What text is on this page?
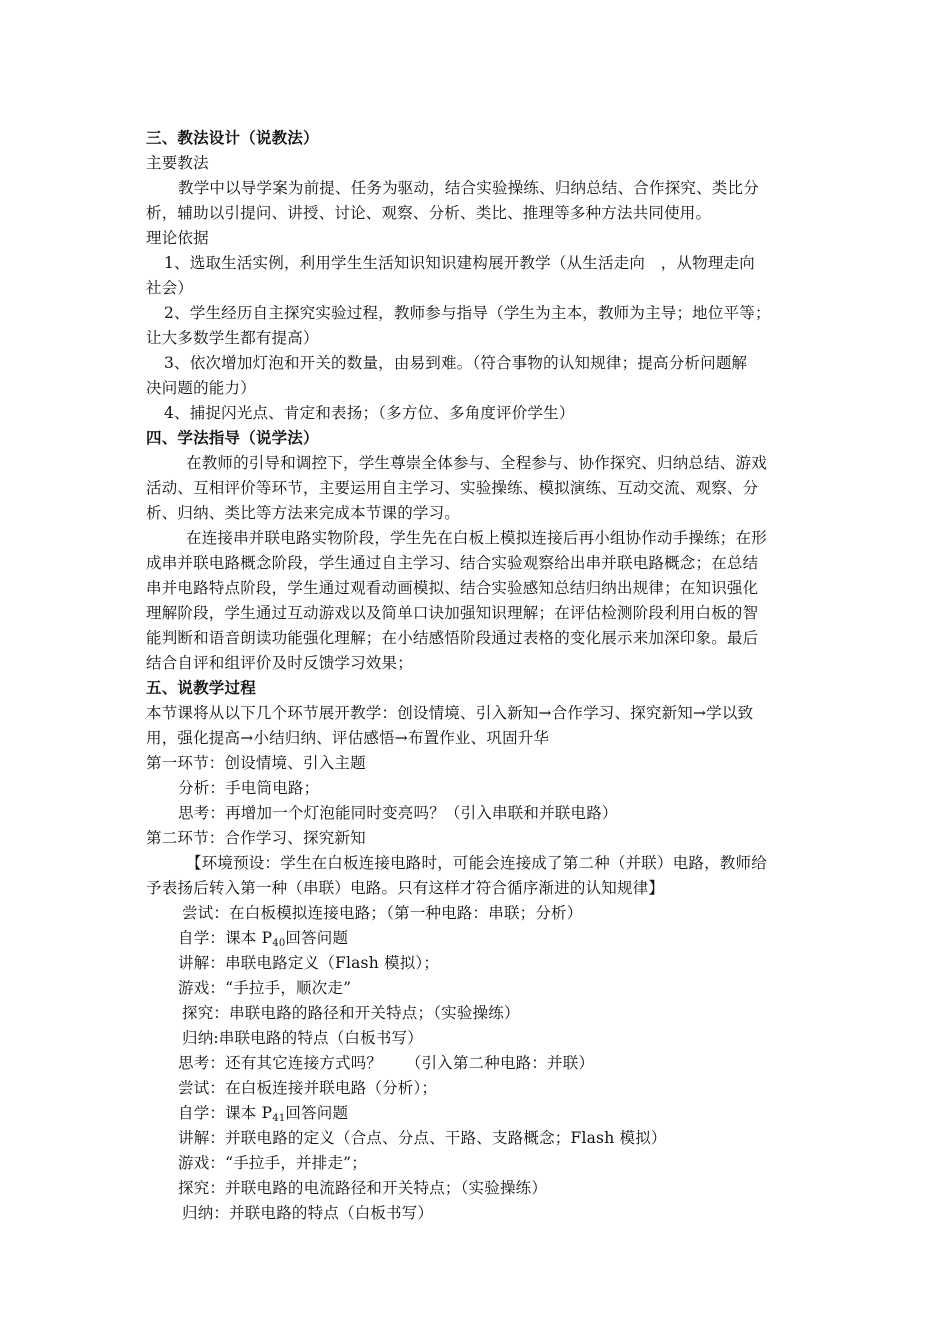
三、教法设计（说教法）
主要教法
教学中以导学案为前提、任务为驱动，结合实验操练、归纳总结、合作探究、类比分
析，辅助以引提问、讲授、讨论、观察、分析、类比、推理等多种方法共同使用。
理论依据
1、选取生活实例，利用学生生活知识知识建构展开教学（从生活走向　，从物理走向
社会）
2、学生经历自主探究实验过程，教师参与指导（学生为主本，教师为主导；地位平等；
让大多数学生都有提高）
3、依次增加灯泡和开关的数量，由易到难。（符合事物的认知规律；提高分析问题解
决问题的能力）
4、捕捉闪光点、肯定和表扬；（多方位、多角度评价学生）
四、学法指导（说学法）
在教师的引导和调控下，学生尊崇全体参与、全程参与、协作探究、归纳总结、游戏
活动、互相评价等环节，主要运用自主学习、实验操练、模拟演练、互动交流、观察、分
析、归纳、类比等方法来完成本节课的学习。
在连接串并联电路实物阶段，学生先在白板上模拟连接后再小组协作动手操练；在形
成串并联电路概念阶段，学生通过自主学习、结合实验观察给出串并联电路概念；在总结
串并电路特点阶段，学生通过观看动画模拟、结合实验感知总结归纳出规律；在知识强化
理解阶段，学生通过互动游戏以及简单口诀加强知识理解；在评估检测阶段利用白板的智
能判断和语音朗读功能强化理解；在小结感悟阶段通过表格的变化展示来加深印象。最后
结合自评和组评价及时反馈学习效果；
五、说教学过程
本节课将从以下几个环节展开教学：创设情境、引入新知→合作学习、探究新知→学以致
用，强化提高→小结归纳、评估感悟→布置作业、巩固升华
第一环节：创设情境、引入主题
分析：手电筒电路；
思考：再增加一个灯泡能同时变亮吗？（引入串联和并联电路）
第二环节：合作学习、探究新知
【环境预设：学生在白板连接电路时，可能会连接成了第二种（并联）电路，教师给
予表扬后转入第一种（串联）电路。只有这样才符合循序渐进的认知规律】
尝试：在白板模拟连接电路；（第一种电路：串联；分析）
自学：课本 $P_{40}$回答问题
讲解：串联电路定义（Flash 模拟）；
游戏：“手拉手，顺次走”
探究：串联电路的路径和开关特点；（实验操练）
归纳:串联电路的特点（白板书写）
思考：还有其它连接方式吗？　　（引入第二种电路：并联）
尝试：在白板连接并联电路（分析）；
自学：课本 $P_{41}$回答问题
讲解：并联电路的定义（合点、分点、干路、支路概念；Flash 模拟）
游戏：“手拉手，并排走”；
探究：并联电路的电流路径和开关特点；（实验操练）
归纳：并联电路的特点（白板书写）
